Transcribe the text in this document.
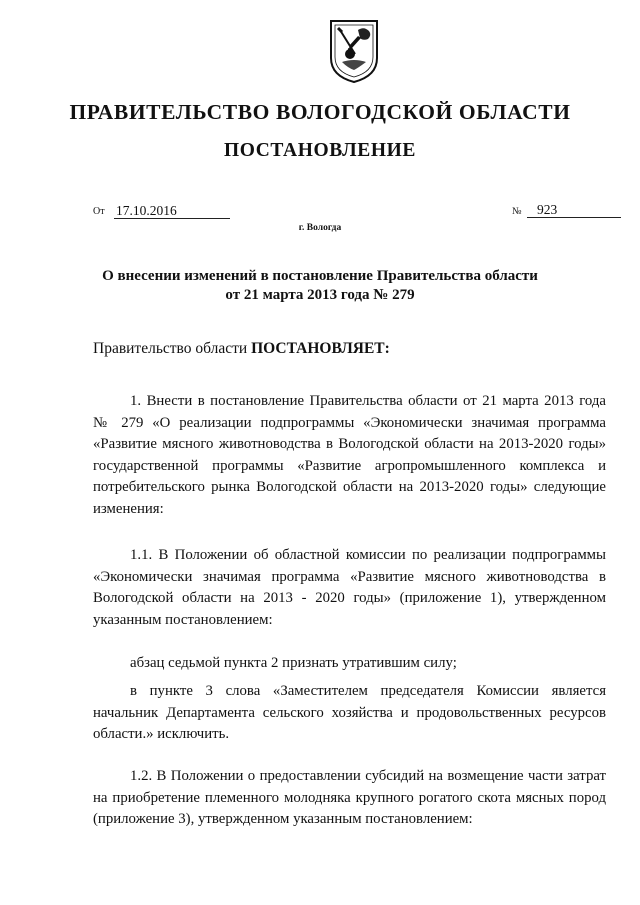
ПРАВИТЕЛЬСТВО ВОЛОГОДСКОЙ ОБЛАСТИ
ПОСТАНОВЛЕНИЕ
От 17.10.2016	№	923
г. Вологда
О внесении изменений в постановление Правительства области
от 21 марта 2013 года № 279
Правительство области ПОСТАНОВЛЯЕТ:

1. Внести в постановление Правительства области от 21 марта 2013 года № 279 «О реализации подпрограммы «Экономически значимая программа «Развитие мясного животноводства в Вологодской области на 2013-2020 годы» государственной программы «Развитие агропромышленного комплекса и потребительского рынка Вологодской области на 2013-2020 годы» следующие изменения:

1.1. В Положении об областной комиссии по реализации подпрограммы «Экономически значимая программа «Развитие мясного животноводства в Вологодской области на 2013 - 2020 годы» (приложение 1), утвержденном указанным постановлением:

абзац седьмой пункта 2 признать утратившим силу;

в пункте 3 слова «Заместителем председателя Комиссии является начальник Департамента сельского хозяйства и продовольственных ресурсов области.» исключить.

1.2. В Положении о предоставлении субсидий на возмещение части затрат на приобретение племенного молодняка крупного рогатого скота мясных пород (приложение 3), утвержденном указанным постановлением:
